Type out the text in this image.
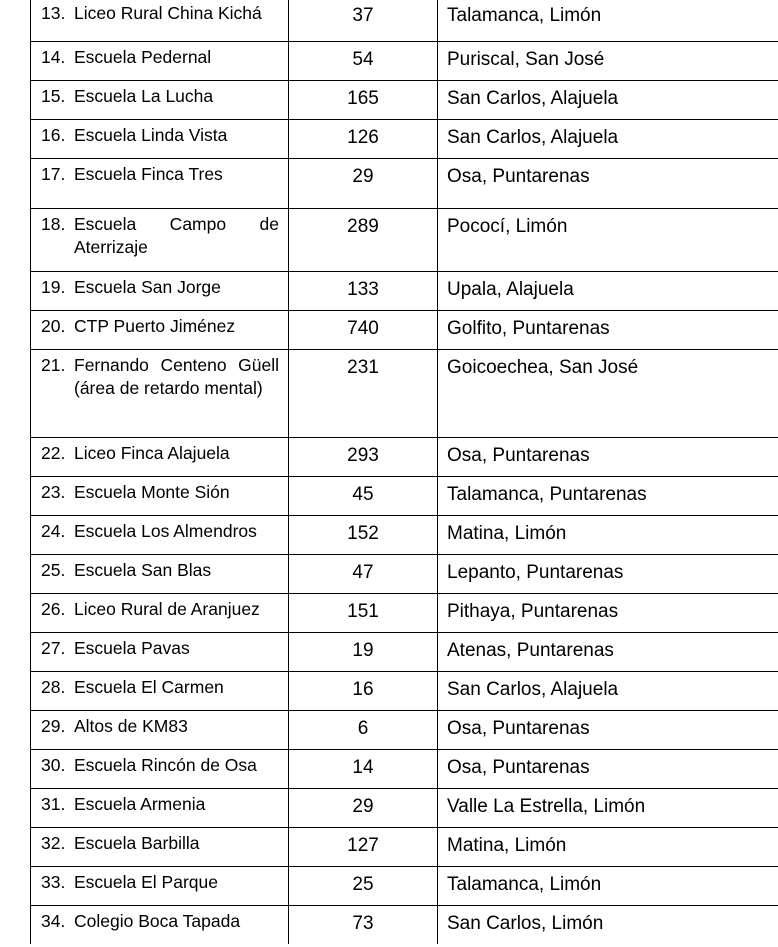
13. Liceo Rural China Kichá	37	Talamanca, Limón

14. Escuela Pedernal	54	Puriscal, San José

15. Escuela La Lucha	165	San Carlos, Alajuela

16. Escuela Linda Vista	126	San Carlos, Alajuela

17. Escuela Finca Tres	29	Osa, Puntarenas

18. Escuela Campo de Aterrizaje	289	Pococí, Limón

19. Escuela San Jorge	133	Upala, Alajuela

20. CTP Puerto Jiménez	740	Golfito, Puntarenas

21. Fernando Centeno Güell (área de retardo mental)	231	Goicoechea, San José

22. Liceo Finca Alajuela	293	Osa, Puntarenas

23. Escuela Monte Sión	45	Talamanca, Puntarenas

24. Escuela Los Almendros	152	Matina, Limón

25. Escuela San Blas	47	Lepanto, Puntarenas

26. Liceo Rural de Aranjuez	151	Pithaya, Puntarenas

27. Escuela Pavas	19	Atenas, Puntarenas

28. Escuela El Carmen	16	San Carlos, Alajuela

29. Altos de KM83	6	Osa, Puntarenas

30. Escuela Rincón de Osa	14	Osa, Puntarenas

31. Escuela Armenia	29	Valle La Estrella, Limón

32. Escuela Barbilla	127	Matina, Limón

33. Escuela El Parque	25	Talamanca, Limón

34. Colegio Boca Tapada	73	San Carlos, Limón
